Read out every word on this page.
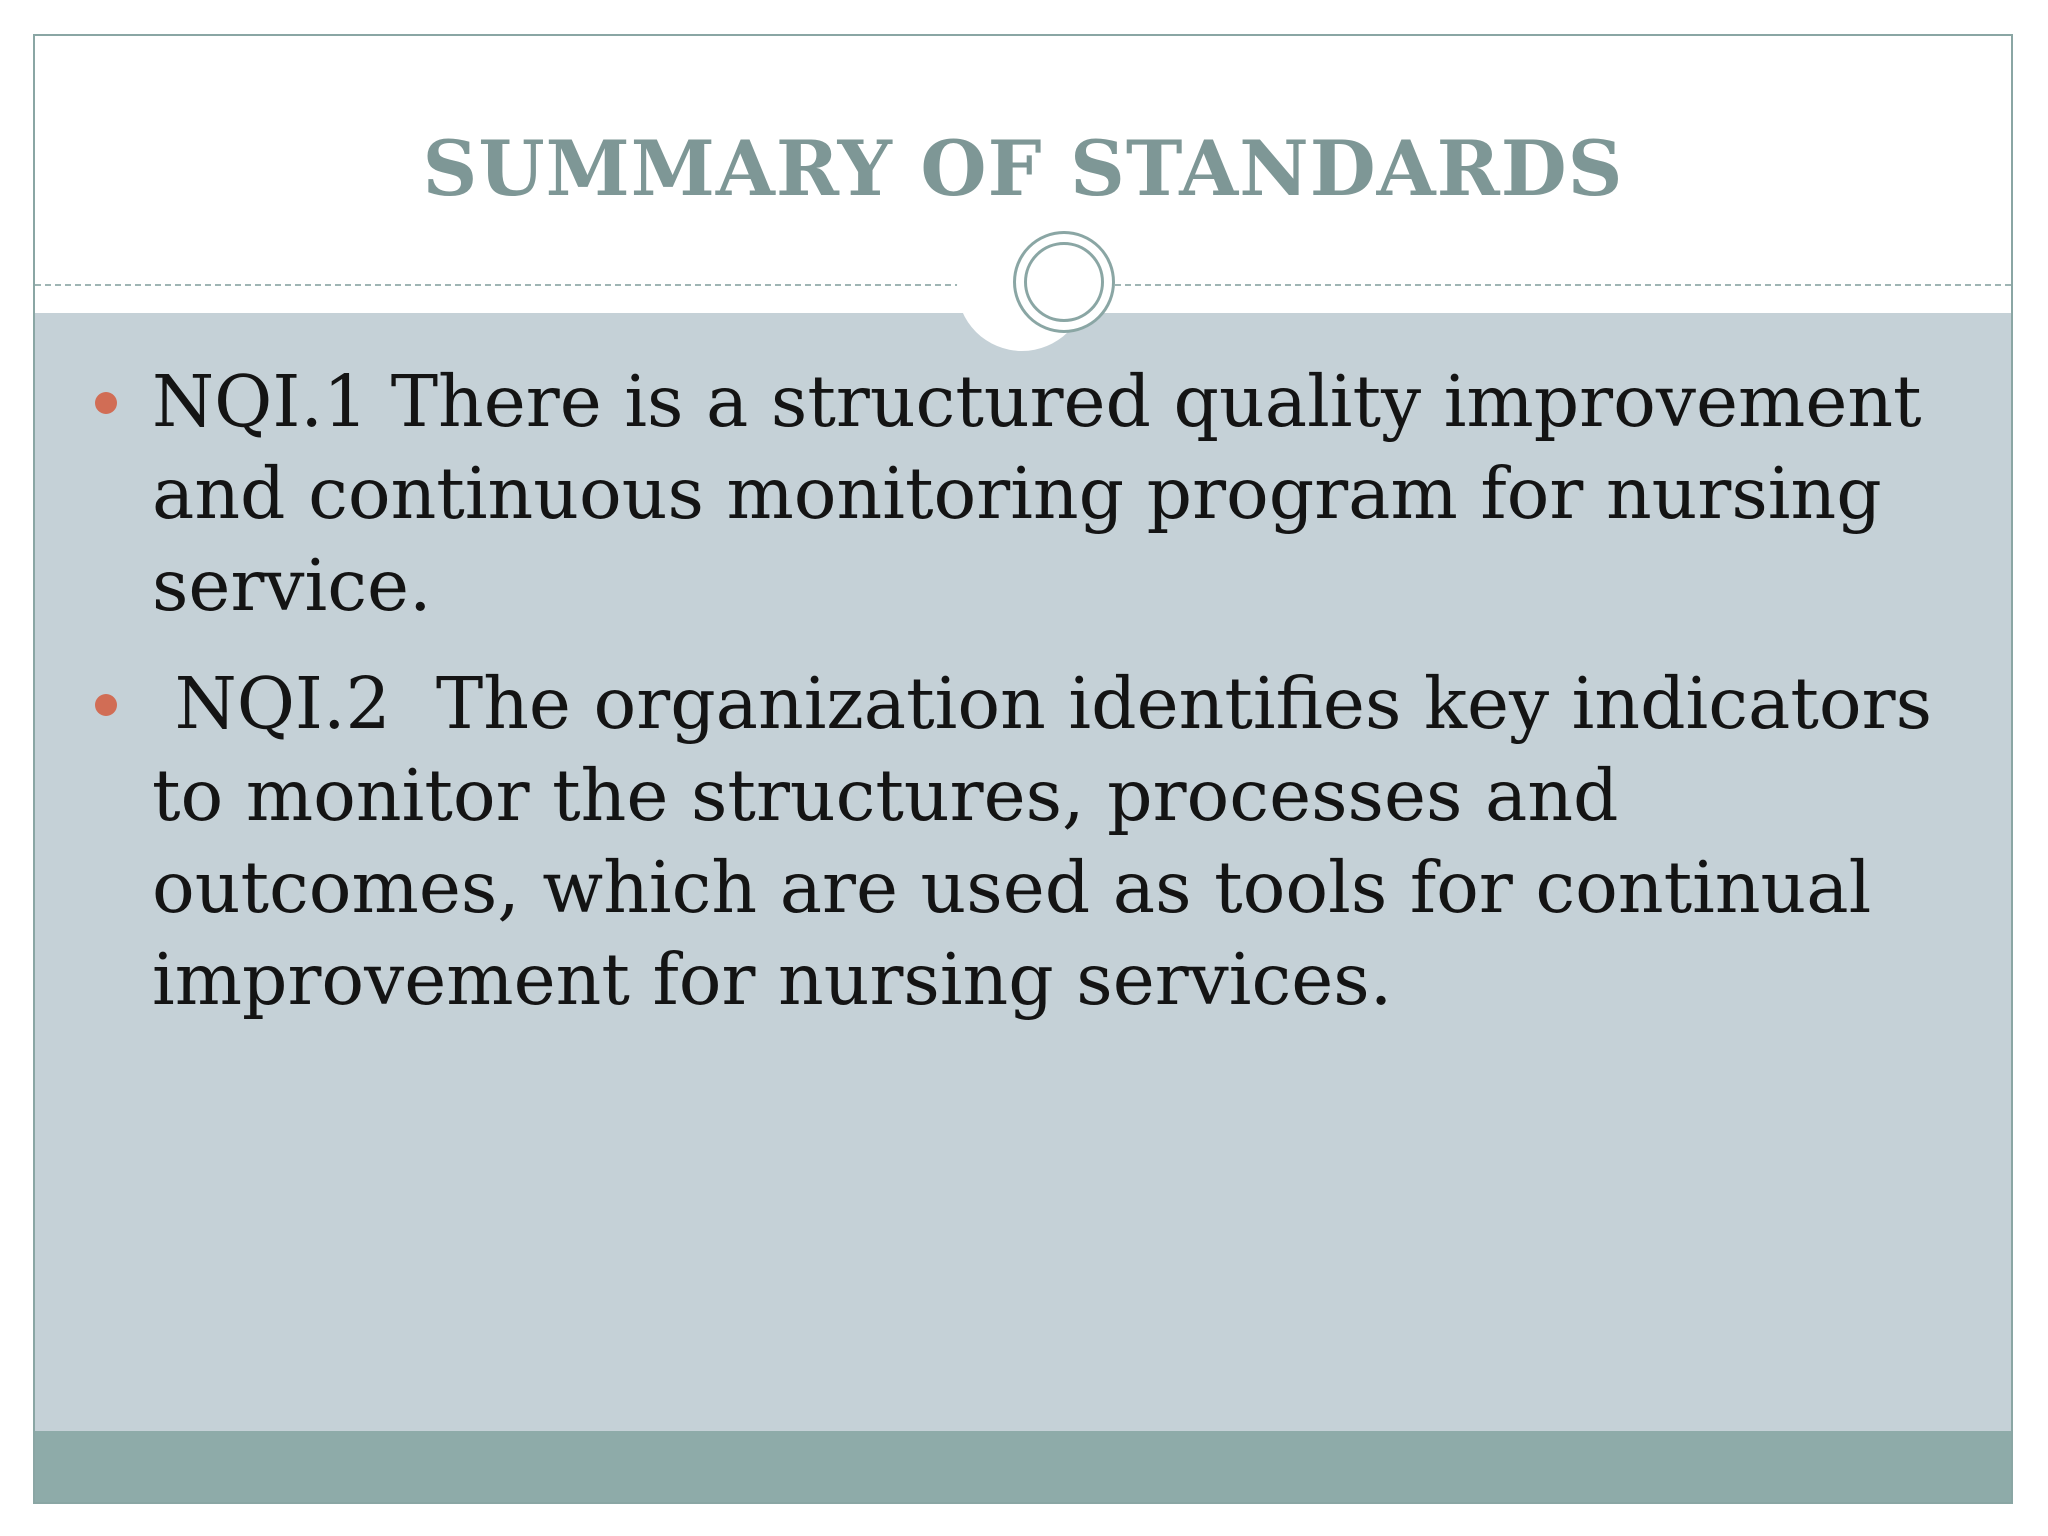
SUMMARY OF STANDARDS
NQI.1 There is a structured quality improvement and continuous monitoring program for nursing service.
NQI.2  The organization identifies key indicators to monitor the structures, processes and outcomes, which are used as tools for continual improvement for nursing services.
